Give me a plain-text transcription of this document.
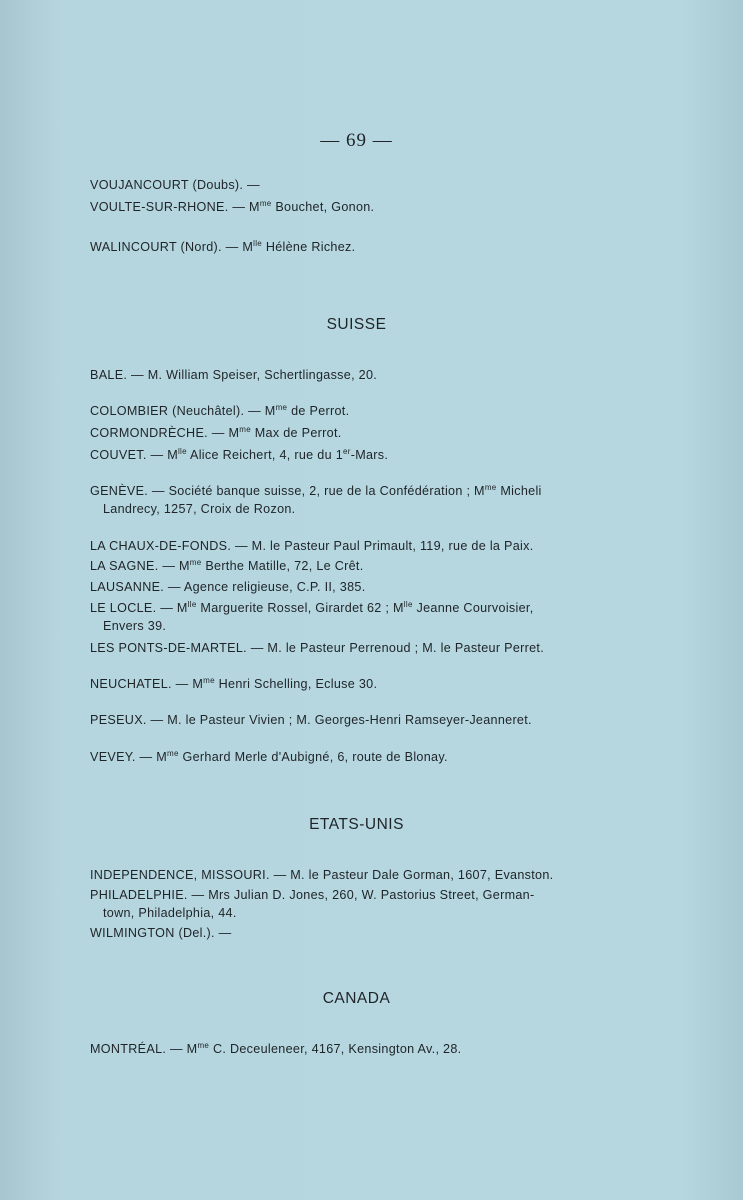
— 69 —
VOUJANCOURT (Doubs). —
VOULTE-SUR-RHONE. — $M^{me}$ Bouchet, Gonon.
WALINCOURT (Nord). — $M^{lle}$ Hélène Richez.
SUISSE
BALE. — M. William Speiser, Schertlingasse, 20.
COLOMBIER (Neuchâtel). — $M^{me}$ de Perrot.
CORMONDRÈCHE. — $M^{me}$ Max de Perrot.
COUVET. — $M^{lle}$ Alice Reichert, 4, rue du 1er-Mars.
GENÈVE. — Société banque suisse, 2, rue de la Confédération ; $M^{me}$ Micheli
Landrecy, 1257, Croix de Rozon.
LA CHAUX-DE-FONDS. — M. le Pasteur Paul Primault, 119, rue de la Paix.
LA SAGNE. — $M^{me}$ Berthe Matille, 72, Le Crêt.
LAUSANNE. — Agence religieuse, C.P. II, 385.
LE LOCLE. — $M^{lle}$ Marguerite Rossel, Girardet 62 ; $M^{lle}$ Jeanne Courvoisier,
Envers 39.
LES PONTS-DE-MARTEL. — M. le Pasteur Perrenoud ; M. le Pasteur Perret.
NEUCHATEL. — $M^{me}$ Henri Schelling, Ecluse 30.
PESEUX. — M. le Pasteur Vivien ; M. Georges-Henri Ramseyer-Jeanneret.
VEVEY. — $M^{me}$ Gerhard Merle d'Aubigné, 6, route de Blonay.
ETATS-UNIS
INDEPENDENCE, MISSOURI. — M. le Pasteur Dale Gorman, 1607, Evanston.
PHILADELPHIE. — Mrs Julian D. Jones, 260, W. Pastorius Street, German-
town, Philadelphia, 44.
WILMINGTON (Del.). —
CANADA
MONTRÉAL. — $M^{me}$ C. Deceuleneer, 4167, Kensington Av., 28.
